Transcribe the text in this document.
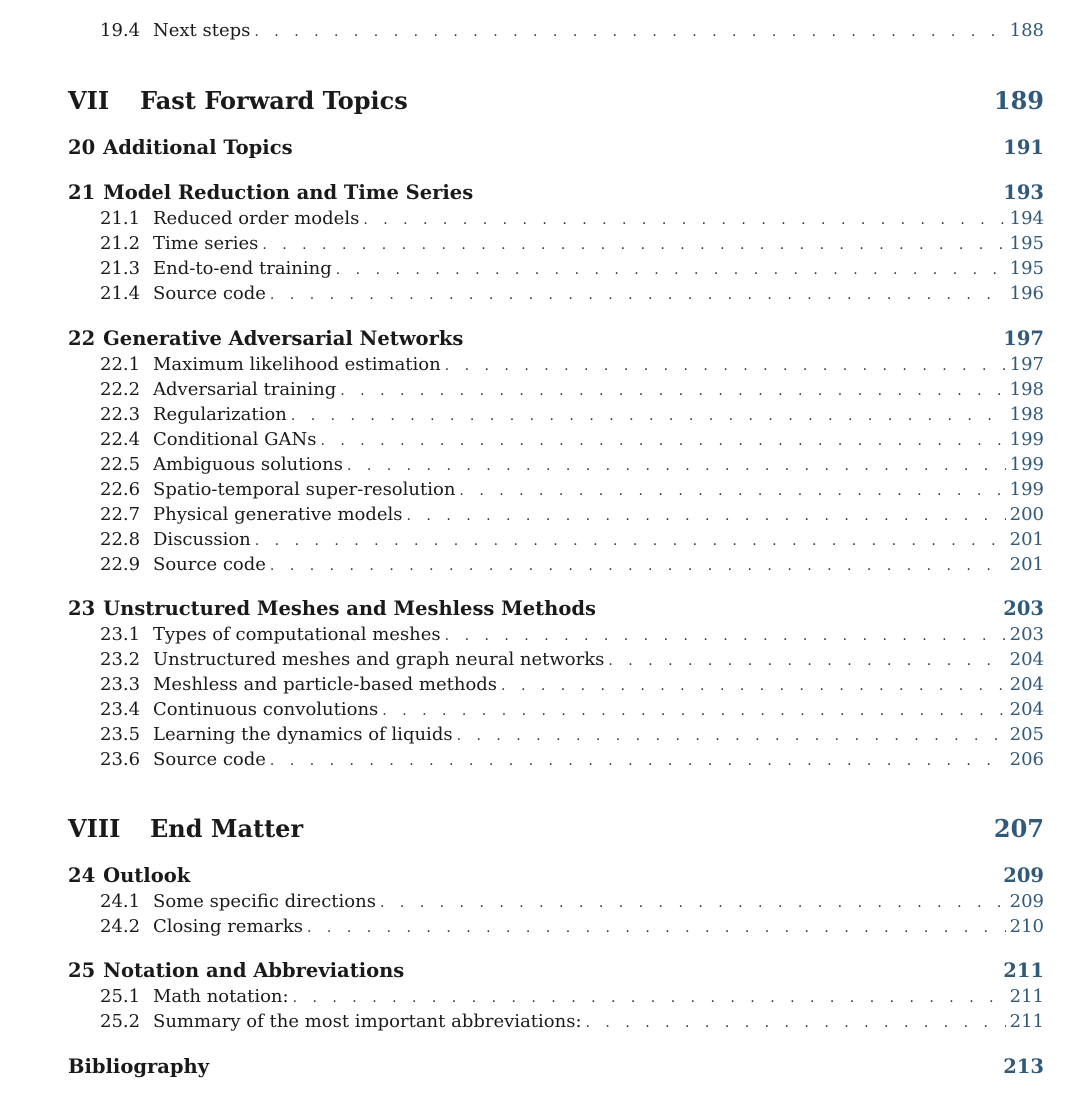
19.4 Next steps . . .	188
VII Fast Forward Topics	189
20 Additional Topics	191
21 Model Reduction and Time Series	193
21.1 Reduced order models . . .	194
21.2 Time series . . .	195
21.3 End-to-end training . . .	195
21.4 Source code . . .	196
22 Generative Adversarial Networks	197
22.1 Maximum likelihood estimation . . .	197
22.2 Adversarial training . . .	198
22.3 Regularization . . .	198
22.4 Conditional GANs . . .	199
22.5 Ambiguous solutions . . .	199
22.6 Spatio-temporal super-resolution . . .	199
22.7 Physical generative models . . .	200
22.8 Discussion . . .	201
22.9 Source code . . .	201
23 Unstructured Meshes and Meshless Methods	203
23.1 Types of computational meshes . . .	203
23.2 Unstructured meshes and graph neural networks . . .	204
23.3 Meshless and particle-based methods . . .	204
23.4 Continuous convolutions . . .	204
23.5 Learning the dynamics of liquids . . .	205
23.6 Source code . . .	206
VIII End Matter	207
24 Outlook	209
24.1 Some specific directions . . .	209
24.2 Closing remarks . . .	210
25 Notation and Abbreviations	211
25.1 Math notation: . . .	211
25.2 Summary of the most important abbreviations: . . .	211
Bibliography	213
